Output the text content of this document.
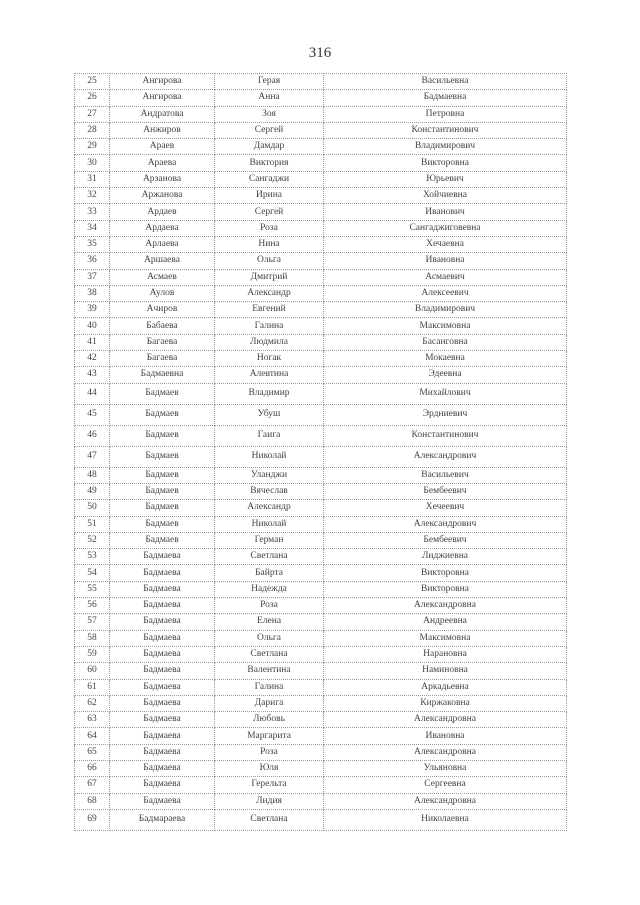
316
25	Ангирова	Герая	Васильевна
26	Ангирова	Анна	Бадмаевна
27	Андратова	Зоя	Петровна
28	Анжиров	Сергей	Константинович
29	Араев	Дамдар	Владимирович
30	Араева	Виктория	Викторовна
31	Арзанова	Сангаджи	Юрьевич
32	Аржанова	Ирина	Хойчиевна
33	Ардаев	Сергей	Иванович
34	Ардаева	Роза	Сангаджиговевна
35	Арлаева	Нина	Хечаевна
36	Аршаева	Ольга	Ивановна
37	Асмаев	Дмитрий	Асмаевич
38	Аулов	Александр	Алексеевич
39	Ачиров	Евгений	Владимирович
40	Бабаева	Галина	Максимовна
41	Багаева	Людмила	Басанговна
42	Багаева	Ногак	Мокаевна
43	Бадмаевна	Алевтина	Эдеевна
44	Бадмаев	Владимир	Михайлович
45	Бадмаев	Убуш	Эрдниевич
46	Бадмаев	Гаига	Константинович
47	Бадмаев	Николай	Александрович
48	Бадмаев	Уланджи	Васильевич
49	Бадмаев	Вячеслав	Бембеевич
50	Бадмаев	Александр	Хечеевич
51	Бадмаев	Николай	Александрович
52	Бадмаев	Герман	Бембеевич
53	Бадмаева	Светлана	Лиджиевна
54	Бадмаева	Байрта	Викторовна
55	Бадмаева	Надежда	Викторовна
56	Бадмаева	Роза	Александровна
57	Бадмаева	Елена	Андреевна
58	Бадмаева	Ольга	Максимовна
59	Бадмаева	Светлана	Нарановна
60	Бадмаева	Валентина	Наминовна
61	Бадмаева	Галина	Аркадьевна
62	Бадмаева	Дарига	Киржаковна
63	Бадмаева	Любовь	Александровна
64	Бадмаева	Маргарита	Ивановна
65	Бадмаева	Роза	Александровна
66	Бадмаева	Юля	Ульяновна
67	Бадмаева	Герельта	Сергеевна
68	Бадмаева	Лидия	Александровна
69	Бадмараева	Светлана	Николаевна
